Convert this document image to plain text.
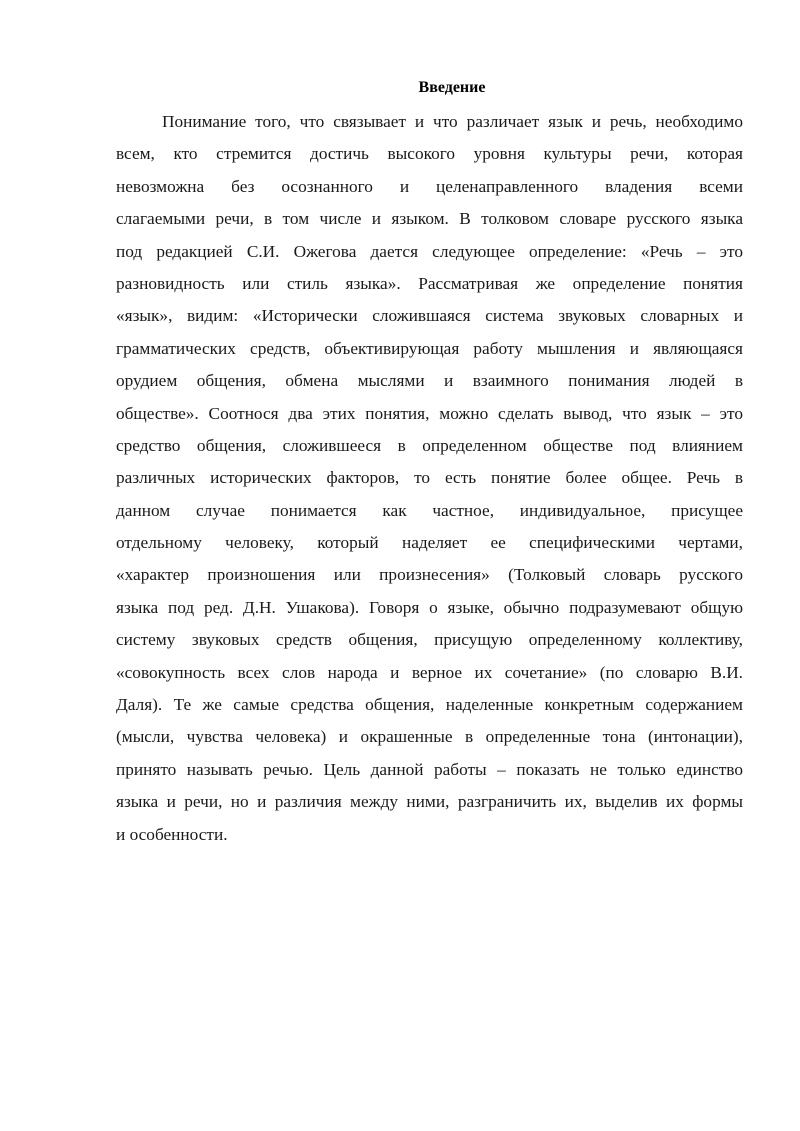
Введение
Понимание того, что связывает и что различает язык и речь, необходимо
всем, кто стремится достичь высокого уровня культуры речи, которая
невозможна без осознанного и целенаправленного владения всеми
слагаемыми речи, в том числе и языком. В толковом словаре русского языка
под редакцией С.И. Ожегова дается следующее определение: «Речь – это
разновидность или стиль языка». Рассматривая же определение понятия
«язык», видим: «Исторически сложившаяся система звуковых словарных и
грамматических средств, объективирующая работу мышления и являющаяся
орудием общения, обмена мыслями и взаимного понимания людей в
обществе». Соотнося два этих понятия, можно сделать вывод, что язык – это
средство общения, сложившееся в определенном обществе под влиянием
различных исторических факторов, то есть понятие более общее. Речь в
данном случае понимается как частное, индивидуальное, присущее
отдельному человеку, который наделяет ее специфическими чертами,
«характер произношения или произнесения» (Толковый словарь русского
языка под ред. Д.Н. Ушакова). Говоря о языке, обычно подразумевают общую
систему звуковых средств общения, присущую определенному коллективу,
«совокупность всех слов народа и верное их сочетание» (по словарю В.И.
Даля). Те же самые средства общения, наделенные конкретным содержанием
(мысли, чувства человека) и окрашенные в определенные тона (интонации),
принято называть речью. Цель данной работы – показать не только единство
языка и речи, но и различия между ними, разграничить их, выделив их формы
и особенности.
